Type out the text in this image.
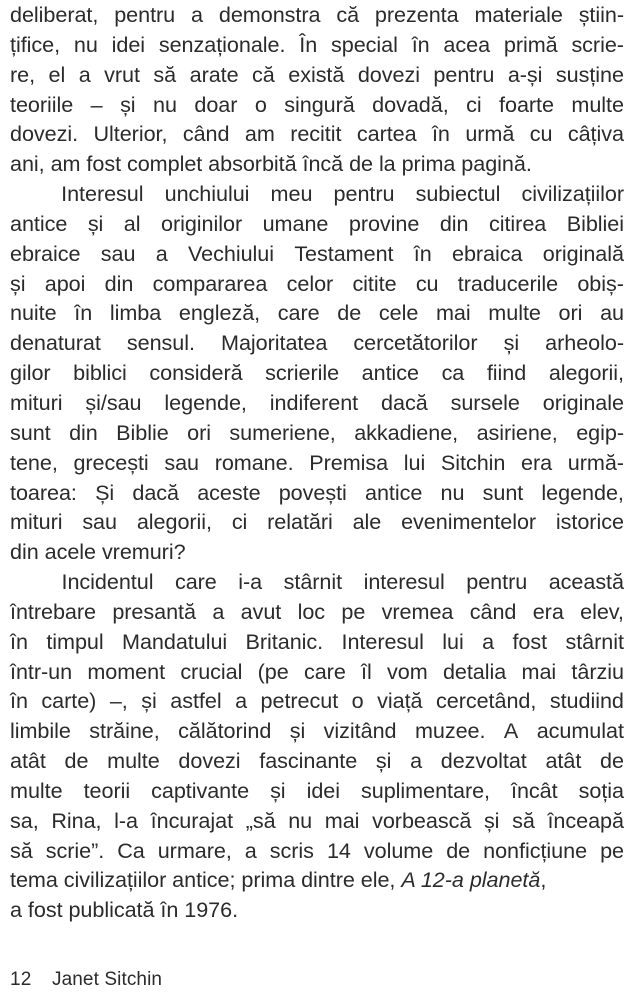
deliberat, pentru a demonstra că prezenta materiale știin-
țifice, nu idei senzaționale. În special în acea primă scrie-
re, el a vrut să arate că există dovezi pentru a-și susține
teoriile – și nu doar o singură dovadă, ci foarte multe
dovezi. Ulterior, când am recitit cartea în urmă cu câțiva
ani, am fost complet absorbită încă de la prima pagină.
Interesul unchiului meu pentru subiectul civilizațiilor
antice și al originilor umane provine din citirea Bibliei
ebraice sau a Vechiului Testament în ebraica originală
și apoi din compararea celor citite cu traducerile obiș-
nuite în limba engleză, care de cele mai multe ori au
denaturat sensul. Majoritatea cercetătorilor și arheolo-
gilor biblici consideră scrierile antice ca fiind alegorii,
mituri și/sau legende, indiferent dacă sursele originale
sunt din Biblie ori sumeriene, akkadiene, asiriene, egip-
tene, grecești sau romane. Premisa lui Sitchin era urmă-
toarea: Și dacă aceste povești antice nu sunt legende,
mituri sau alegorii, ci relatări ale evenimentelor istorice
din acele vremuri?
Incidentul care i-a stârnit interesul pentru această
întrebare presantă a avut loc pe vremea când era elev,
în timpul Mandatului Britanic. Interesul lui a fost stârnit
într-un moment crucial (pe care îl vom detalia mai târziu
în carte) –, și astfel a petrecut o viață cercetând, studiind
limbile străine, călătorind și vizitând muzee. A acumulat
atât de multe dovezi fascinante și a dezvoltat atât de
multe teorii captivante și idei suplimentare, încât soția
sa, Rina, l-a încurajat „să nu mai vorbească și să înceapă
să scrie”. Ca urmare, a scris 14 volume de nonficțiune pe
tema civilizațiilor antice; prima dintre ele, A 12-a planetă,
a fost publicată în 1976.
12	Janet Sitchin
